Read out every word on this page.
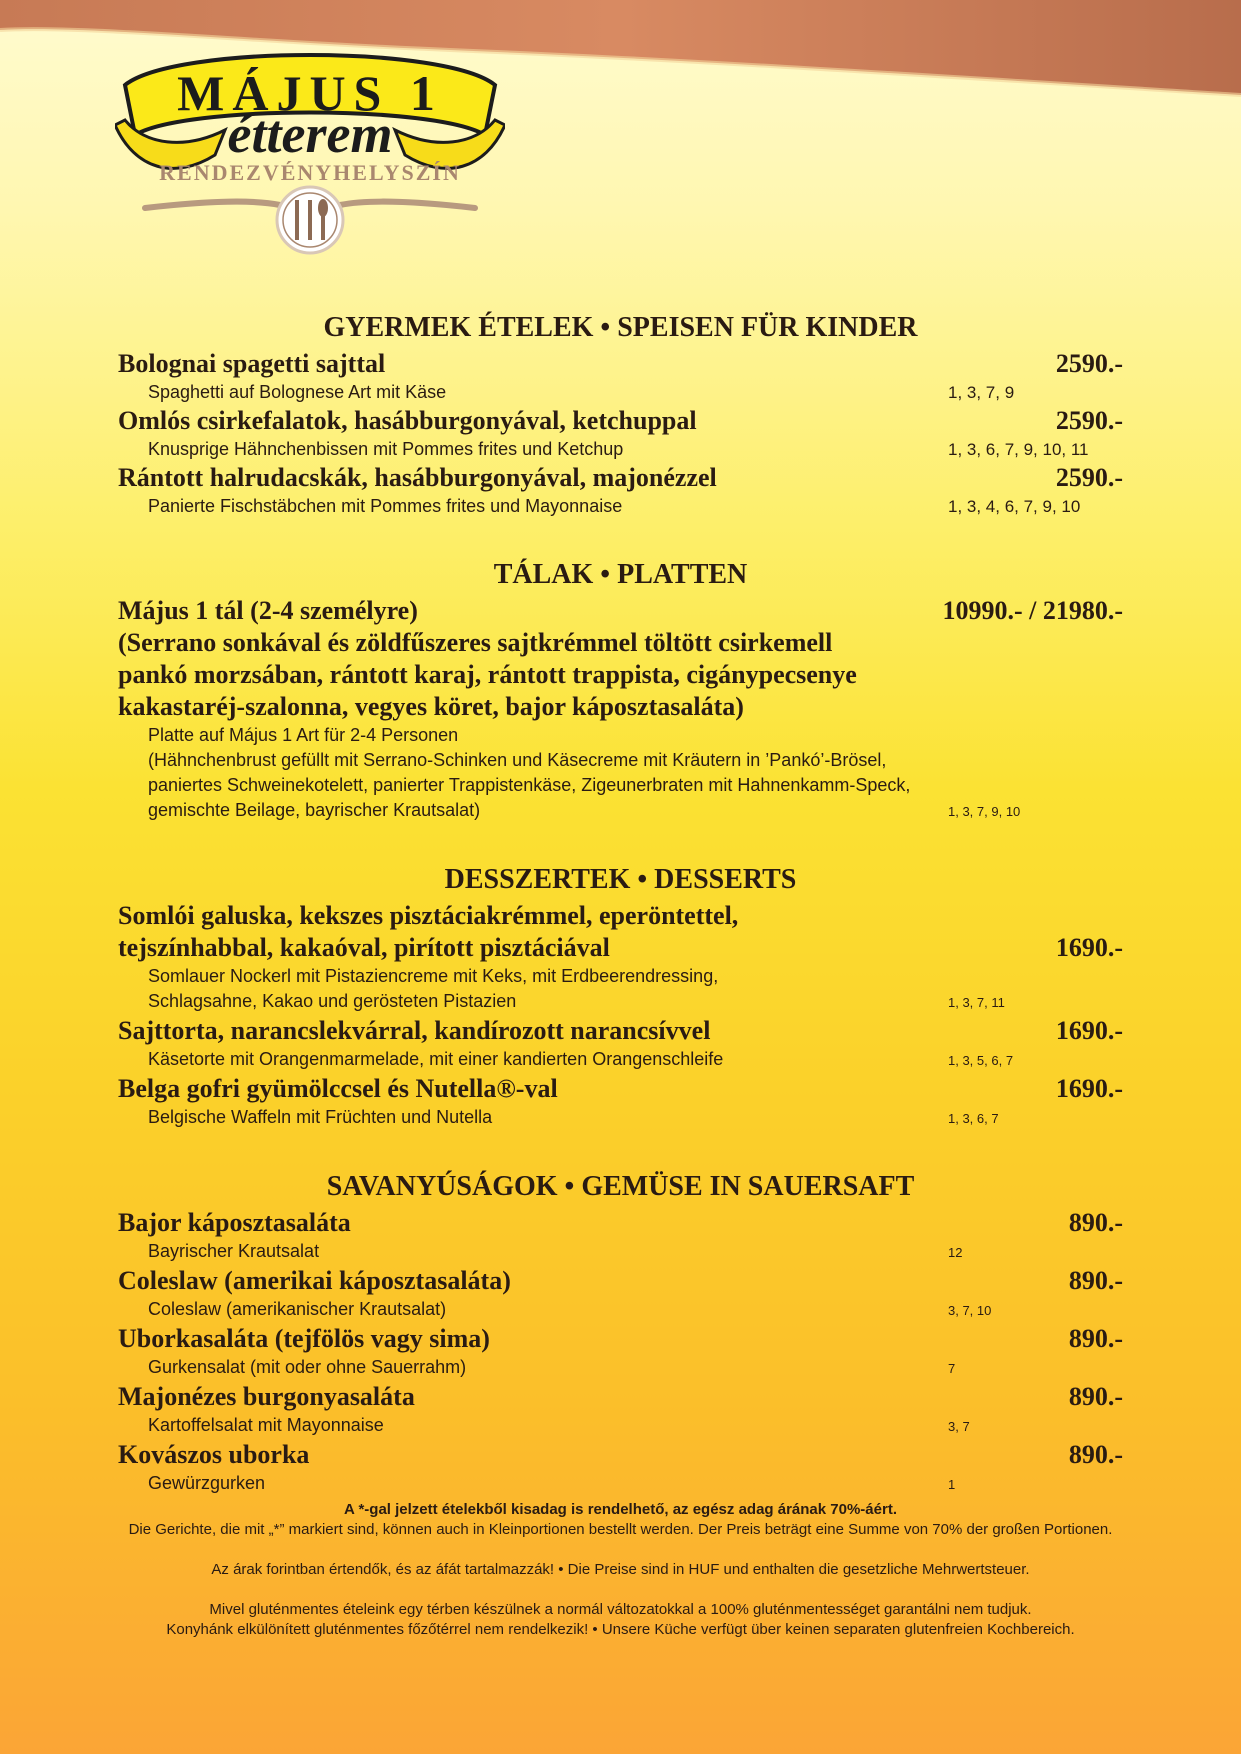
MÁJUS 1
étterem
RENDEZVÉNYHELYSZÍN
GYERMEK ÉTELEK • SPEISEN FÜR KINDER
Bolognai spagetti sajttal	2590.-
Spaghetti auf Bolognese Art mit Käse	1, 3, 7, 9
Omlós csirkefalatok, hasábburgonyával, ketchuppal	2590.-
Knusprige Hähnchenbissen mit Pommes frites und Ketchup	1, 3, 6, 7, 9, 10, 11
Rántott halrudacskák, hasábburgonyával, majonézzel	2590.-
Panierte Fischstäbchen mit Pommes frites und Mayonnaise	1, 3, 4, 6, 7, 9, 10
TÁLAK • PLATTEN
Május 1 tál (2-4 személyre)	10990.- / 21980.-
(Serrano sonkával és zöldfűszeres sajtkrémmel töltött csirkemell
pankó morzsában, rántott karaj, rántott trappista, cigánypecsenye
kakastaréj-szalonna, vegyes köret, bajor káposztasaláta)
Platte auf Május 1 Art für 2-4 Personen
(Hähnchenbrust gefüllt mit Serrano-Schinken und Käsecreme mit Kräutern in ’Pankó’-Brösel,
paniertes Schweinekotelett, panierter Trappistenkäse, Zigeunerbraten mit Hahnenkamm-Speck,
gemischte Beilage, bayrischer Krautsalat)	1, 3, 7, 9, 10
DESSZERTEK • DESSERTS
Somlói galuska, kekszes pisztáciakrémmel, eperöntettel,
tejszínhabbal, kakaóval, pirított pisztáciával	1690.-
Somlauer Nockerl mit Pistaziencreme mit Keks, mit Erdbeerendressing,
Schlagsahne, Kakao und gerösteten Pistazien	1, 3, 7, 11
Sajttorta, narancslekvárral, kandírozott narancsívvel	1690.-
Käsetorte mit Orangenmarmelade, mit einer kandierten Orangenschleife	1, 3, 5, 6, 7
Belga gofri gyümölccsel és Nutella®-val	1690.-
Belgische Waffeln mit Früchten und Nutella	1, 3, 6, 7
SAVANYÚSÁGOK • GEMÜSE IN SAUERSAFT
Bajor káposztasaláta	890.-
Bayrischer Krautsalat	12
Coleslaw (amerikai káposztasaláta)	890.-
Coleslaw (amerikanischer Krautsalat)	3, 7, 10
Uborkasaláta (tejfölös vagy sima)	890.-
Gurkensalat (mit oder ohne Sauerrahm)	7
Majonézes burgonyasaláta	890.-
Kartoffelsalat mit Mayonnaise	3, 7
Kovászos uborka	890.-
Gewürzgurken	1

A *-gal jelzett ételekből kisadag is rendelhető, az egész adag árának 70%-áért.

Die Gerichte, die mit „*” markiert sind, können auch in Kleinportionen bestellt werden. Der Preis beträgt eine Summe von 70% der großen Portionen.

Az árak forintban értendők, és az áfát tartalmazzák! • Die Preise sind in HUF und enthalten die gesetzliche Mehrwertsteuer.

Mivel gluténmentes ételeink egy térben készülnek a normál változatokkal a 100% gluténmentességet garantálni nem tudjuk.

Konyhánk elkülönített gluténmentes főzőtérrel nem rendelkezik! • Unsere Küche verfügt über keinen separaten glutenfreien Kochbereich.
